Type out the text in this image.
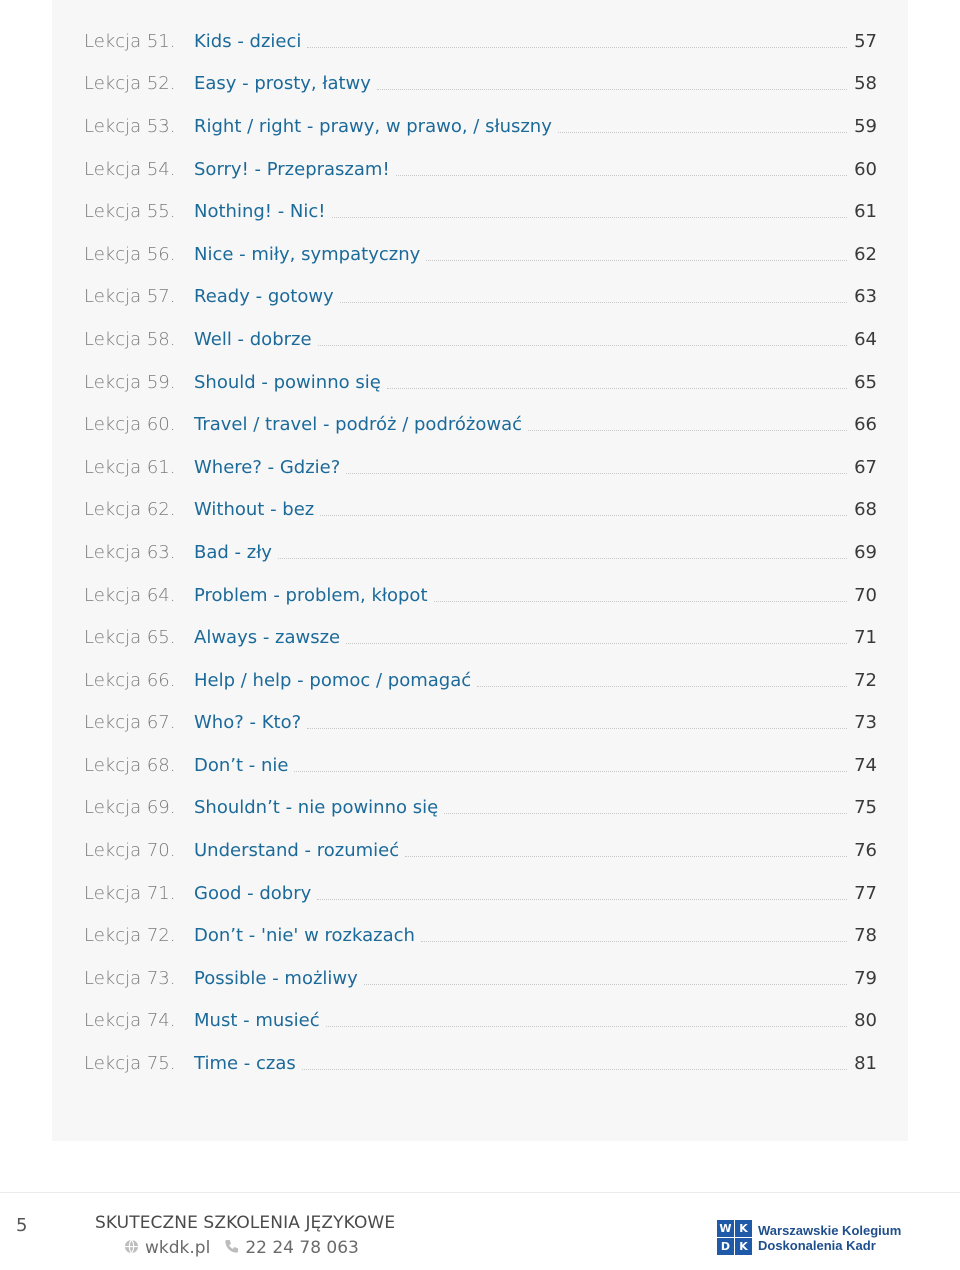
Lekcja 51.	Kids - dzieci	57
Lekcja 52.	Easy - prosty, łatwy	58
Lekcja 53.	Right / right - prawy, w prawo, / słuszny	59
Lekcja 54.	Sorry! - Przepraszam!	60
Lekcja 55.	Nothing! - Nic!	61
Lekcja 56.	Nice - miły, sympatyczny	62
Lekcja 57.	Ready - gotowy	63
Lekcja 58.	Well - dobrze	64
Lekcja 59.	Should - powinno się	65
Lekcja 60.	Travel / travel - podróż / podróżować	66
Lekcja 61.	Where? - Gdzie?	67
Lekcja 62.	Without - bez	68
Lekcja 63.	Bad - zły	69
Lekcja 64.	Problem - problem, kłopot	70
Lekcja 65.	Always - zawsze	71
Lekcja 66.	Help / help - pomoc / pomagać	72
Lekcja 67.	Who? - Kto?	73
Lekcja 68.	Don’t - nie	74
Lekcja 69.	Shouldn’t - nie powinno się	75
Lekcja 70.	Understand - rozumieć	76
Lekcja 71.	Good - dobry	77
Lekcja 72.	Don’t - 'nie' w rozkazach	78
Lekcja 73.	Possible - możliwy	79
Lekcja 74.	Must - musieć	80
Lekcja 75.	Time - czas	81
5	SKUTECZNE SZKOLENIA JĘZYKOWE
wkdk.pl 22 24 78 063
W K
D K
Warszawskie Kolegium
Doskonalenia Kadr
